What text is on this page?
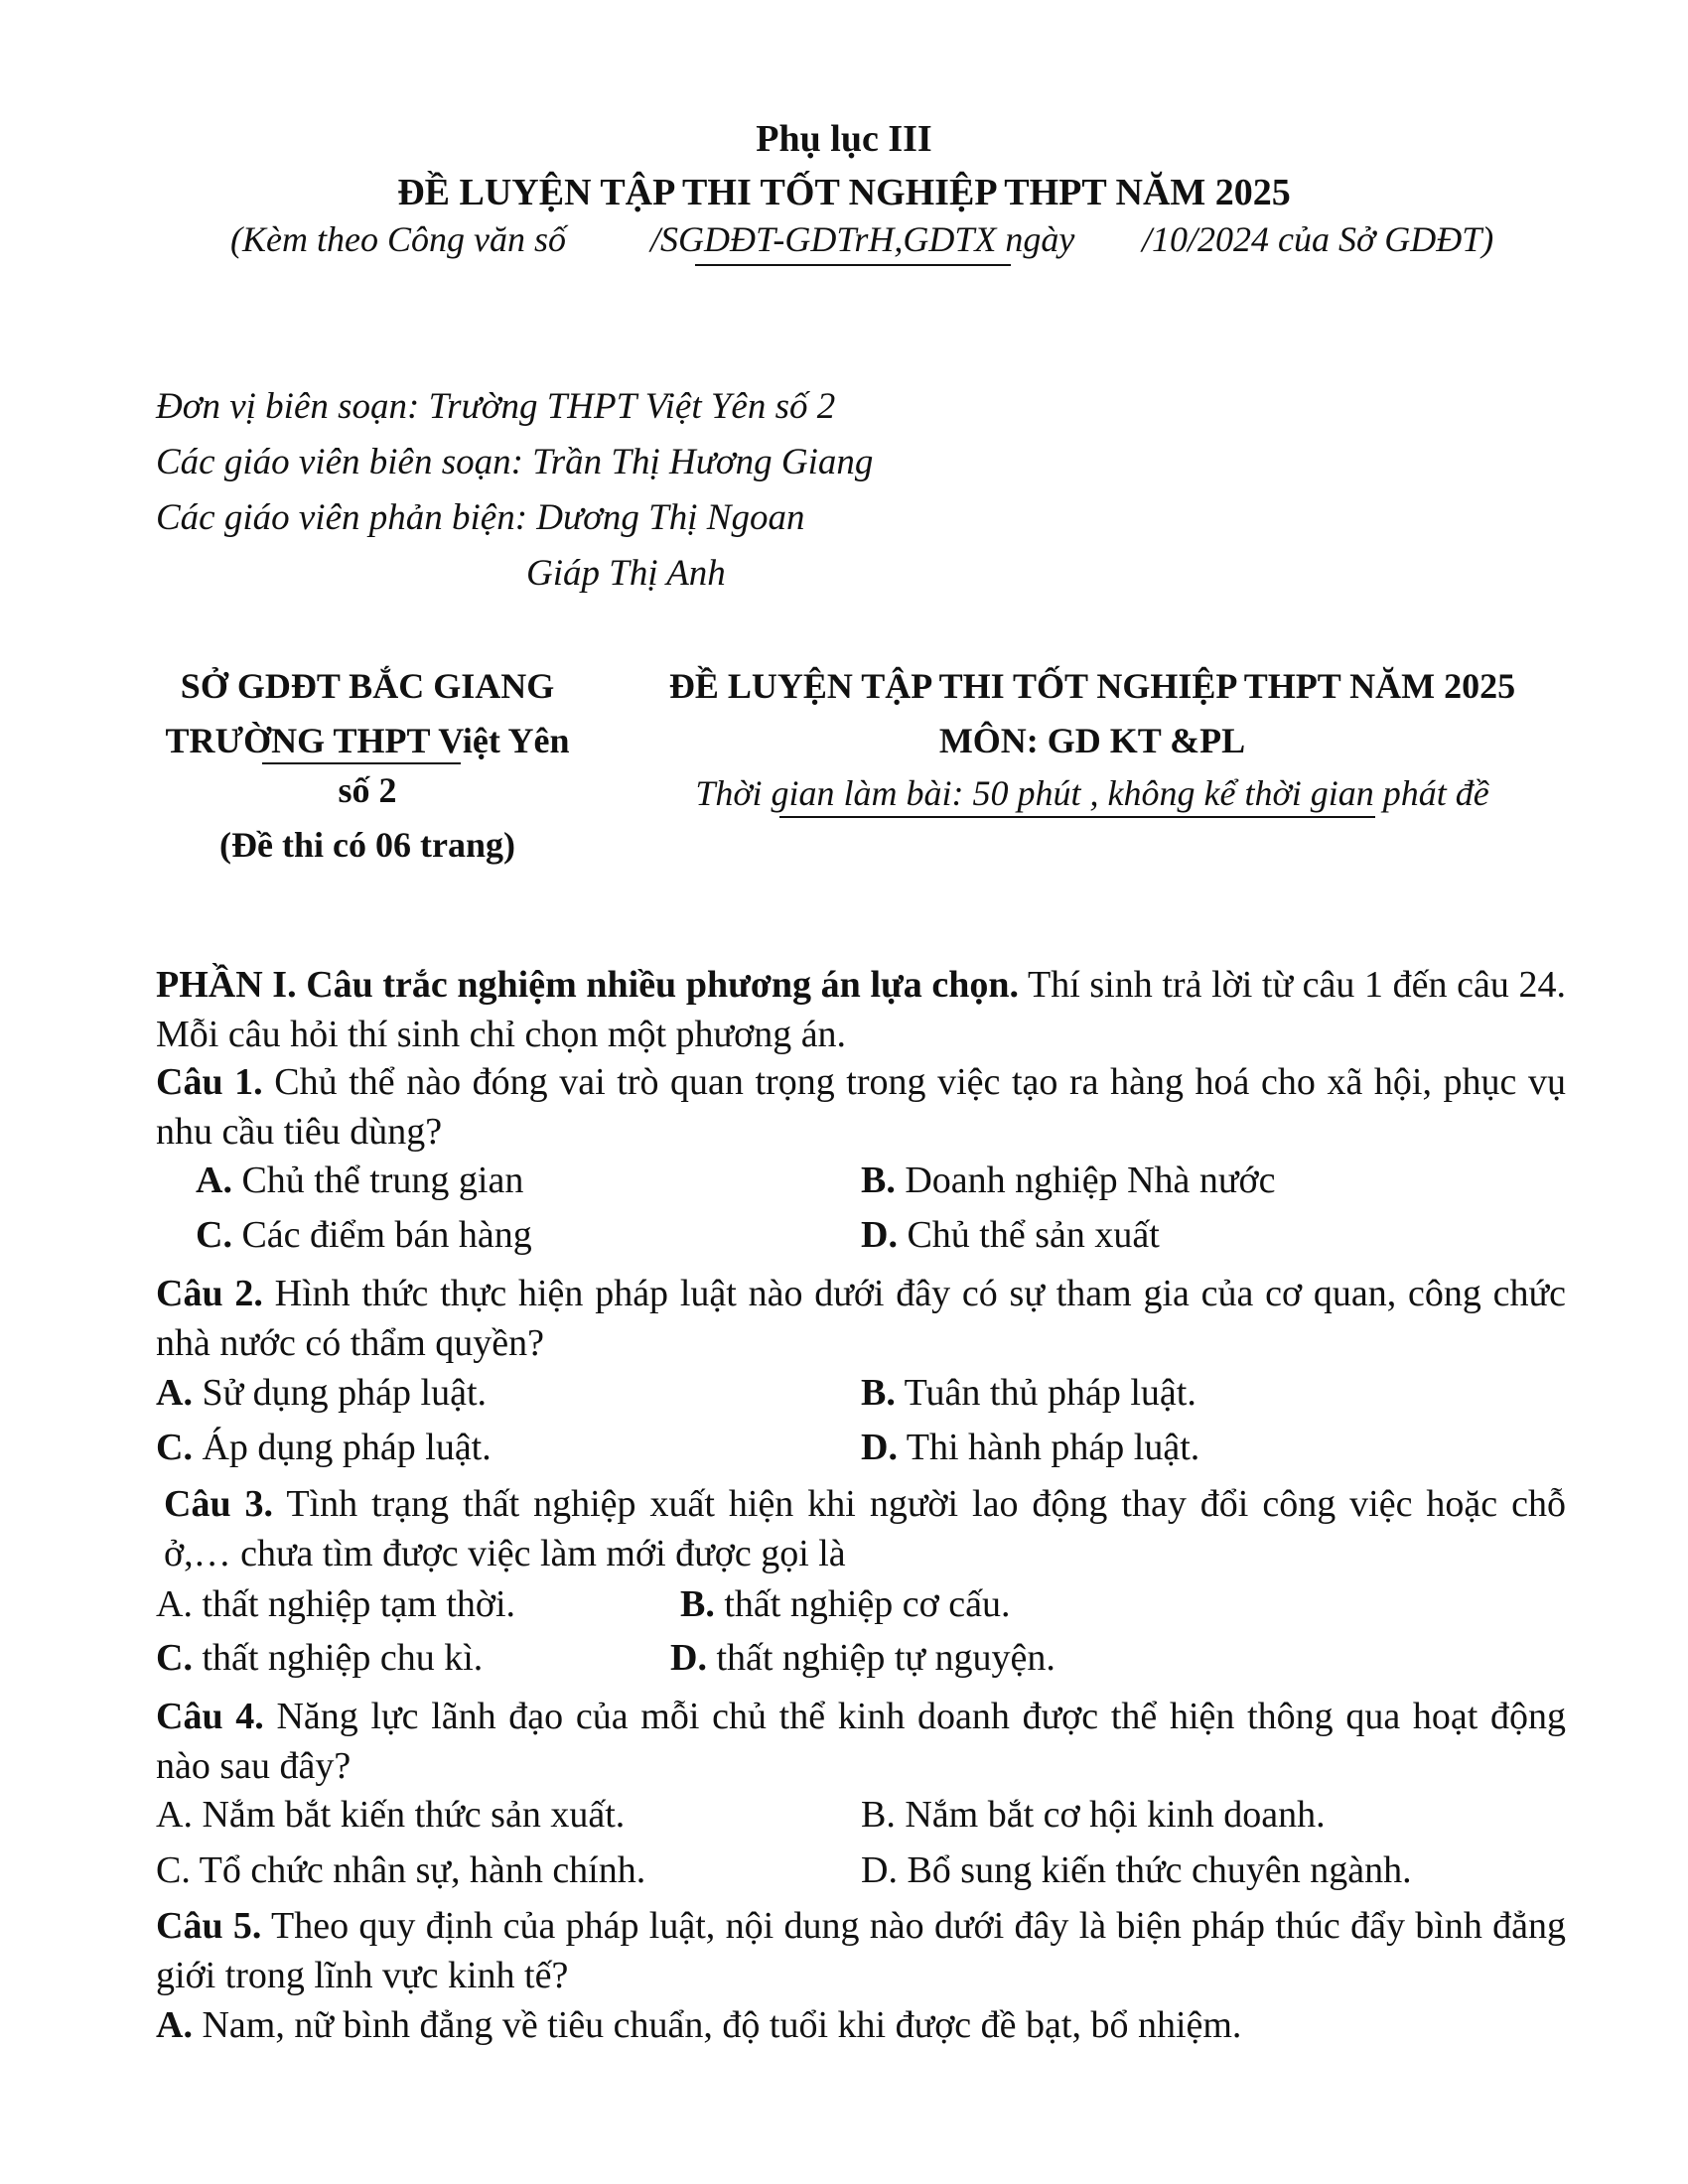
Phụ lục III
ĐỀ LUYỆN TẬP THI TỐT NGHIỆP THPT NĂM 2025
(Kèm theo Công văn số /SGDĐT-GDTrH,GDTX ngày /10/2024 của Sở GDĐT)
Đơn vị biên soạn: Trường THPT Việt Yên số 2
Các giáo viên biên soạn: Trần Thị Hương Giang
Các giáo viên phản biện: Dương Thị Ngoan
Giáp Thị Anh
SỞ GDĐT BẮC GIANG
TRƯỜNG THPT Việt Yên
số 2
(Đề thi có 06 trang)
ĐỀ LUYỆN TẬP THI TỐT NGHIỆP THPT NĂM 2025
MÔN: GD KT &PL
Thời gian làm bài: 50 phút , không kể thời gian phát đề
PHẦN I. Câu trắc nghiệm nhiều phương án lựa chọn. Thí sinh trả lời từ câu 1 đến câu 24. Mỗi câu hỏi thí sinh chỉ chọn một phương án.
Câu 1. Chủ thể nào đóng vai trò quan trọng trong việc tạo ra hàng hoá cho xã hội, phục vụ nhu cầu tiêu dùng?
A. Chủ thể trung gian	B. Doanh nghiệp Nhà nước
C. Các điểm bán hàng	D. Chủ thể sản xuất
Câu 2. Hình thức thực hiện pháp luật nào dưới đây có sự tham gia của cơ quan, công chức nhà nước có thẩm quyền?
A. Sử dụng pháp luật.	B. Tuân thủ pháp luật.
C. Áp dụng pháp luật.	D. Thi hành pháp luật.
Câu 3. Tình trạng thất nghiệp xuất hiện khi người lao động thay đổi công việc hoặc chỗ ở,… chưa tìm được việc làm mới được gọi là
A. thất nghiệp tạm thời.	B. thất nghiệp cơ cấu.
C. thất nghiệp chu kì.	D. thất nghiệp tự nguyện.
Câu 4. Năng lực lãnh đạo của mỗi chủ thể kinh doanh được thể hiện thông qua hoạt động nào sau đây?
A. Nắm bắt kiến thức sản xuất.	B. Nắm bắt cơ hội kinh doanh.
C. Tổ chức nhân sự, hành chính.	D. Bổ sung kiến thức chuyên ngành.
Câu 5. Theo quy định của pháp luật, nội dung nào dưới đây là biện pháp thúc đẩy bình đẳng giới trong lĩnh vực kinh tế?
A. Nam, nữ bình đẳng về tiêu chuẩn, độ tuổi khi được đề bạt, bổ nhiệm.
